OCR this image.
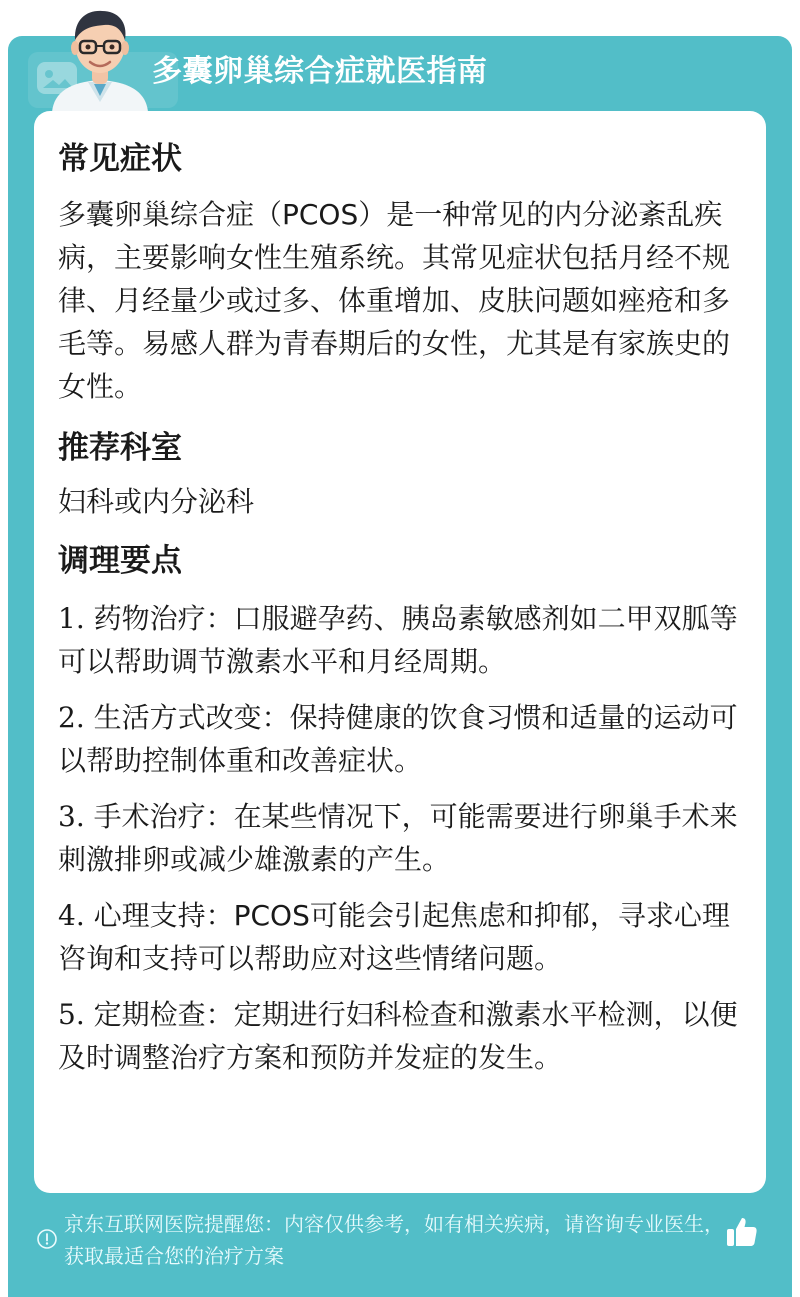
多囊卵巢综合症就医指南
常见症状

多囊卵巢综合症（PCOS）是一种常见的内分泌紊乱疾病，主要影响女性生殖系统。其常见症状包括月经不规律、月经量少或过多、体重增加、皮肤问题如痤疮和多毛等。易感人群为青春期后的女性，尤其是有家族史的女性。

推荐科室

妇科或内分泌科

调理要点

1. 药物治疗：口服避孕药、胰岛素敏感剂如二甲双胍等可以帮助调节激素水平和月经周期。

2. 生活方式改变：保持健康的饮食习惯和适量的运动可以帮助控制体重和改善症状。

3. 手术治疗：在某些情况下，可能需要进行卵巢手术来刺激排卵或减少雄激素的产生。

4. 心理支持：PCOS可能会引起焦虑和抑郁，寻求心理咨询和支持可以帮助应对这些情绪问题。

5. 定期检查：定期进行妇科检查和激素水平检测，以便及时调整治疗方案和预防并发症的发生。

京东互联网医院提醒您：内容仅供参考，如有相关疾病，请咨询专业医生，获取最适合您的治疗方案
